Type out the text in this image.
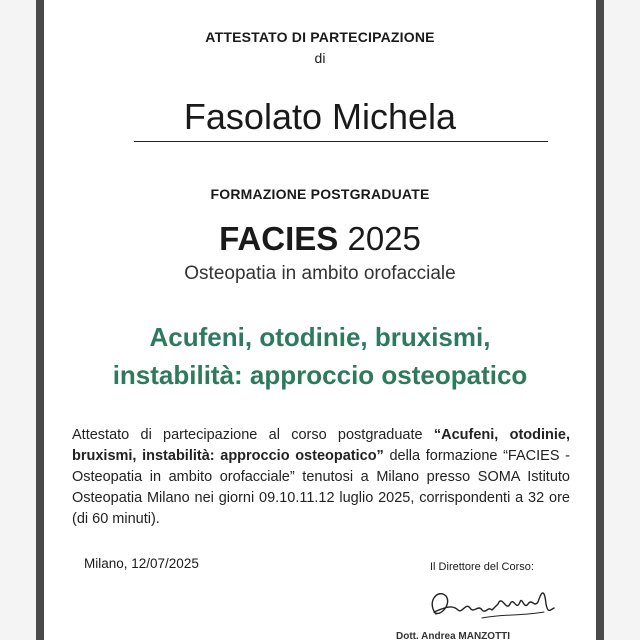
ATTESTATO DI PARTECIPAZIONE
di
Fasolato Michela
FORMAZIONE POSTGRADUATE
FACIES 2025
Osteopatia in ambito orofacciale
Acufeni, otodinie, bruxismi,
instabilità: approccio osteopatico
Attestato di partecipazione al corso postgraduate “Acufeni, otodinie, bruxismi, instabilità: approccio osteopatico” della formazione “FACIES - Osteopatia in ambito orofacciale” tenutosi a Milano presso SOMA Istituto Osteopatia Milano nei giorni 09.10.11.12 luglio 2025, corrispondenti a 32 ore (di 60 minuti).
Milano, 12/07/2025	Il Direttore del Corso:
Dott. Andrea MANZOTTI
